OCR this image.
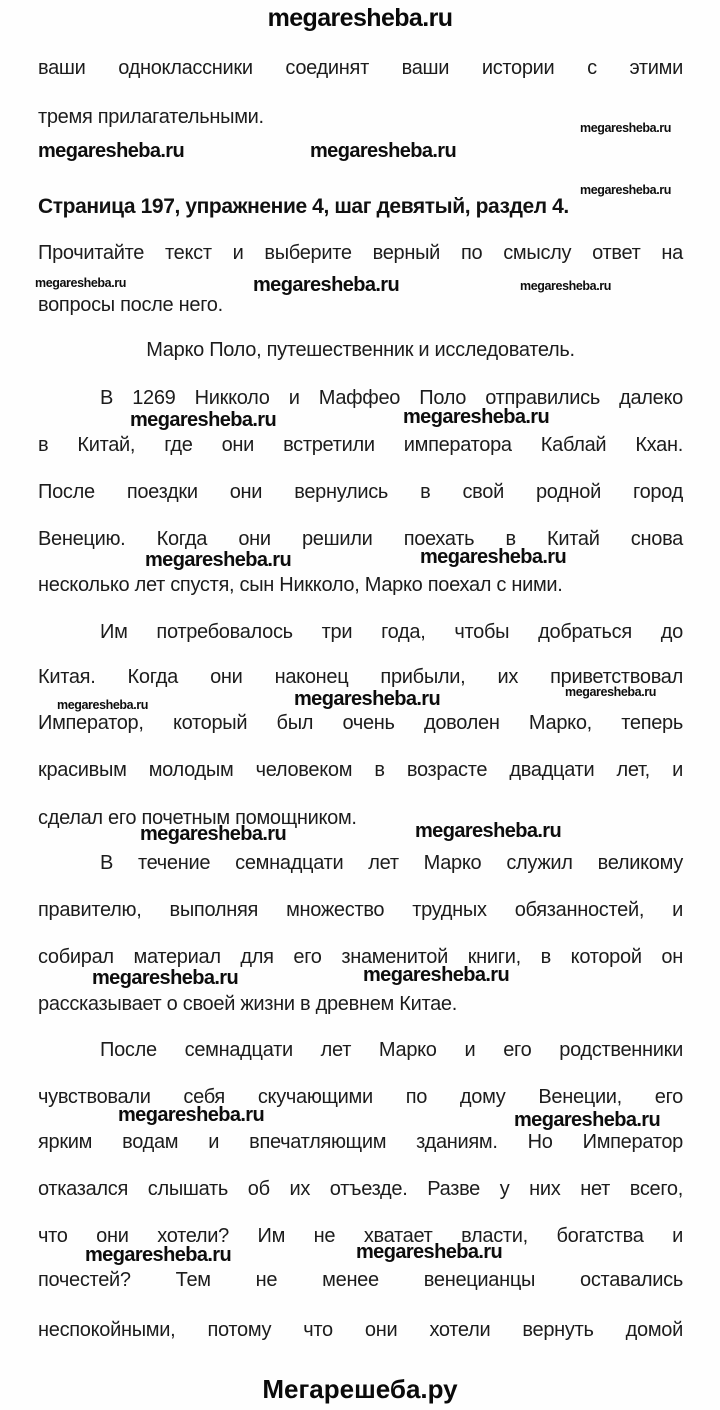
megaresheba.ru
ваши одноклассники соединят ваши истории с этими
тремя прилагательными.	megaresheba.ru
megaresheba.ru	megaresheba.ru
megaresheba.ru
Страница 197, упражнение 4, шаг девятый, раздел 4.
Прочитайте текст и выберите верный по смыслу ответ на
megaresheba.ru	megaresheba.ru	megaresheba.ru
вопросы после него.
Марко Поло, путешественник и исследователь.
В 1269 Никколо и Маффео Поло отправились далеко
megaresheba.ru	megaresheba.ru
в Китай, где они встретили императора Каблай Кхан.
После поездки они вернулись в свой родной город
Венецию. Когда они решили поехать в Китай снова
megaresheba.ru	megaresheba.ru
несколько лет спустя, сын Никколо, Марко поехал с ними.
Им потребовалось три года, чтобы добраться до
Китая. Когда они наконец прибыли, их приветствовал
megaresheba.ru
megaresheba.ru
megaresheba.ru
Император, который был очень доволен Марко, теперь
красивым молодым человеком в возрасте двадцати лет, и
сделал его почетным помощником.
megaresheba.ru	megaresheba.ru
В течение семнадцати лет Марко служил великому
правителю, выполняя множество трудных обязанностей, и
собирал материал для его знаменитой книги, в которой он
megaresheba.ru	megaresheba.ru
рассказывает о своей жизни в древнем Китае.
После семнадцати лет Марко и его родственники
чувствовали себя скучающими по дому Венеции, его
megaresheba.ru	megaresheba.ru
ярким водам и впечатляющим зданиям. Но Император
отказался слышать об их отъезде. Разве у них нет всего,
что они хотели? Им не хватает власти, богатства и
megaresheba.ru	megaresheba.ru
почестей? Тем не менее венецианцы оставались
неспокойными, потому что они хотели вернуть домой
Мегарешеба.ру
